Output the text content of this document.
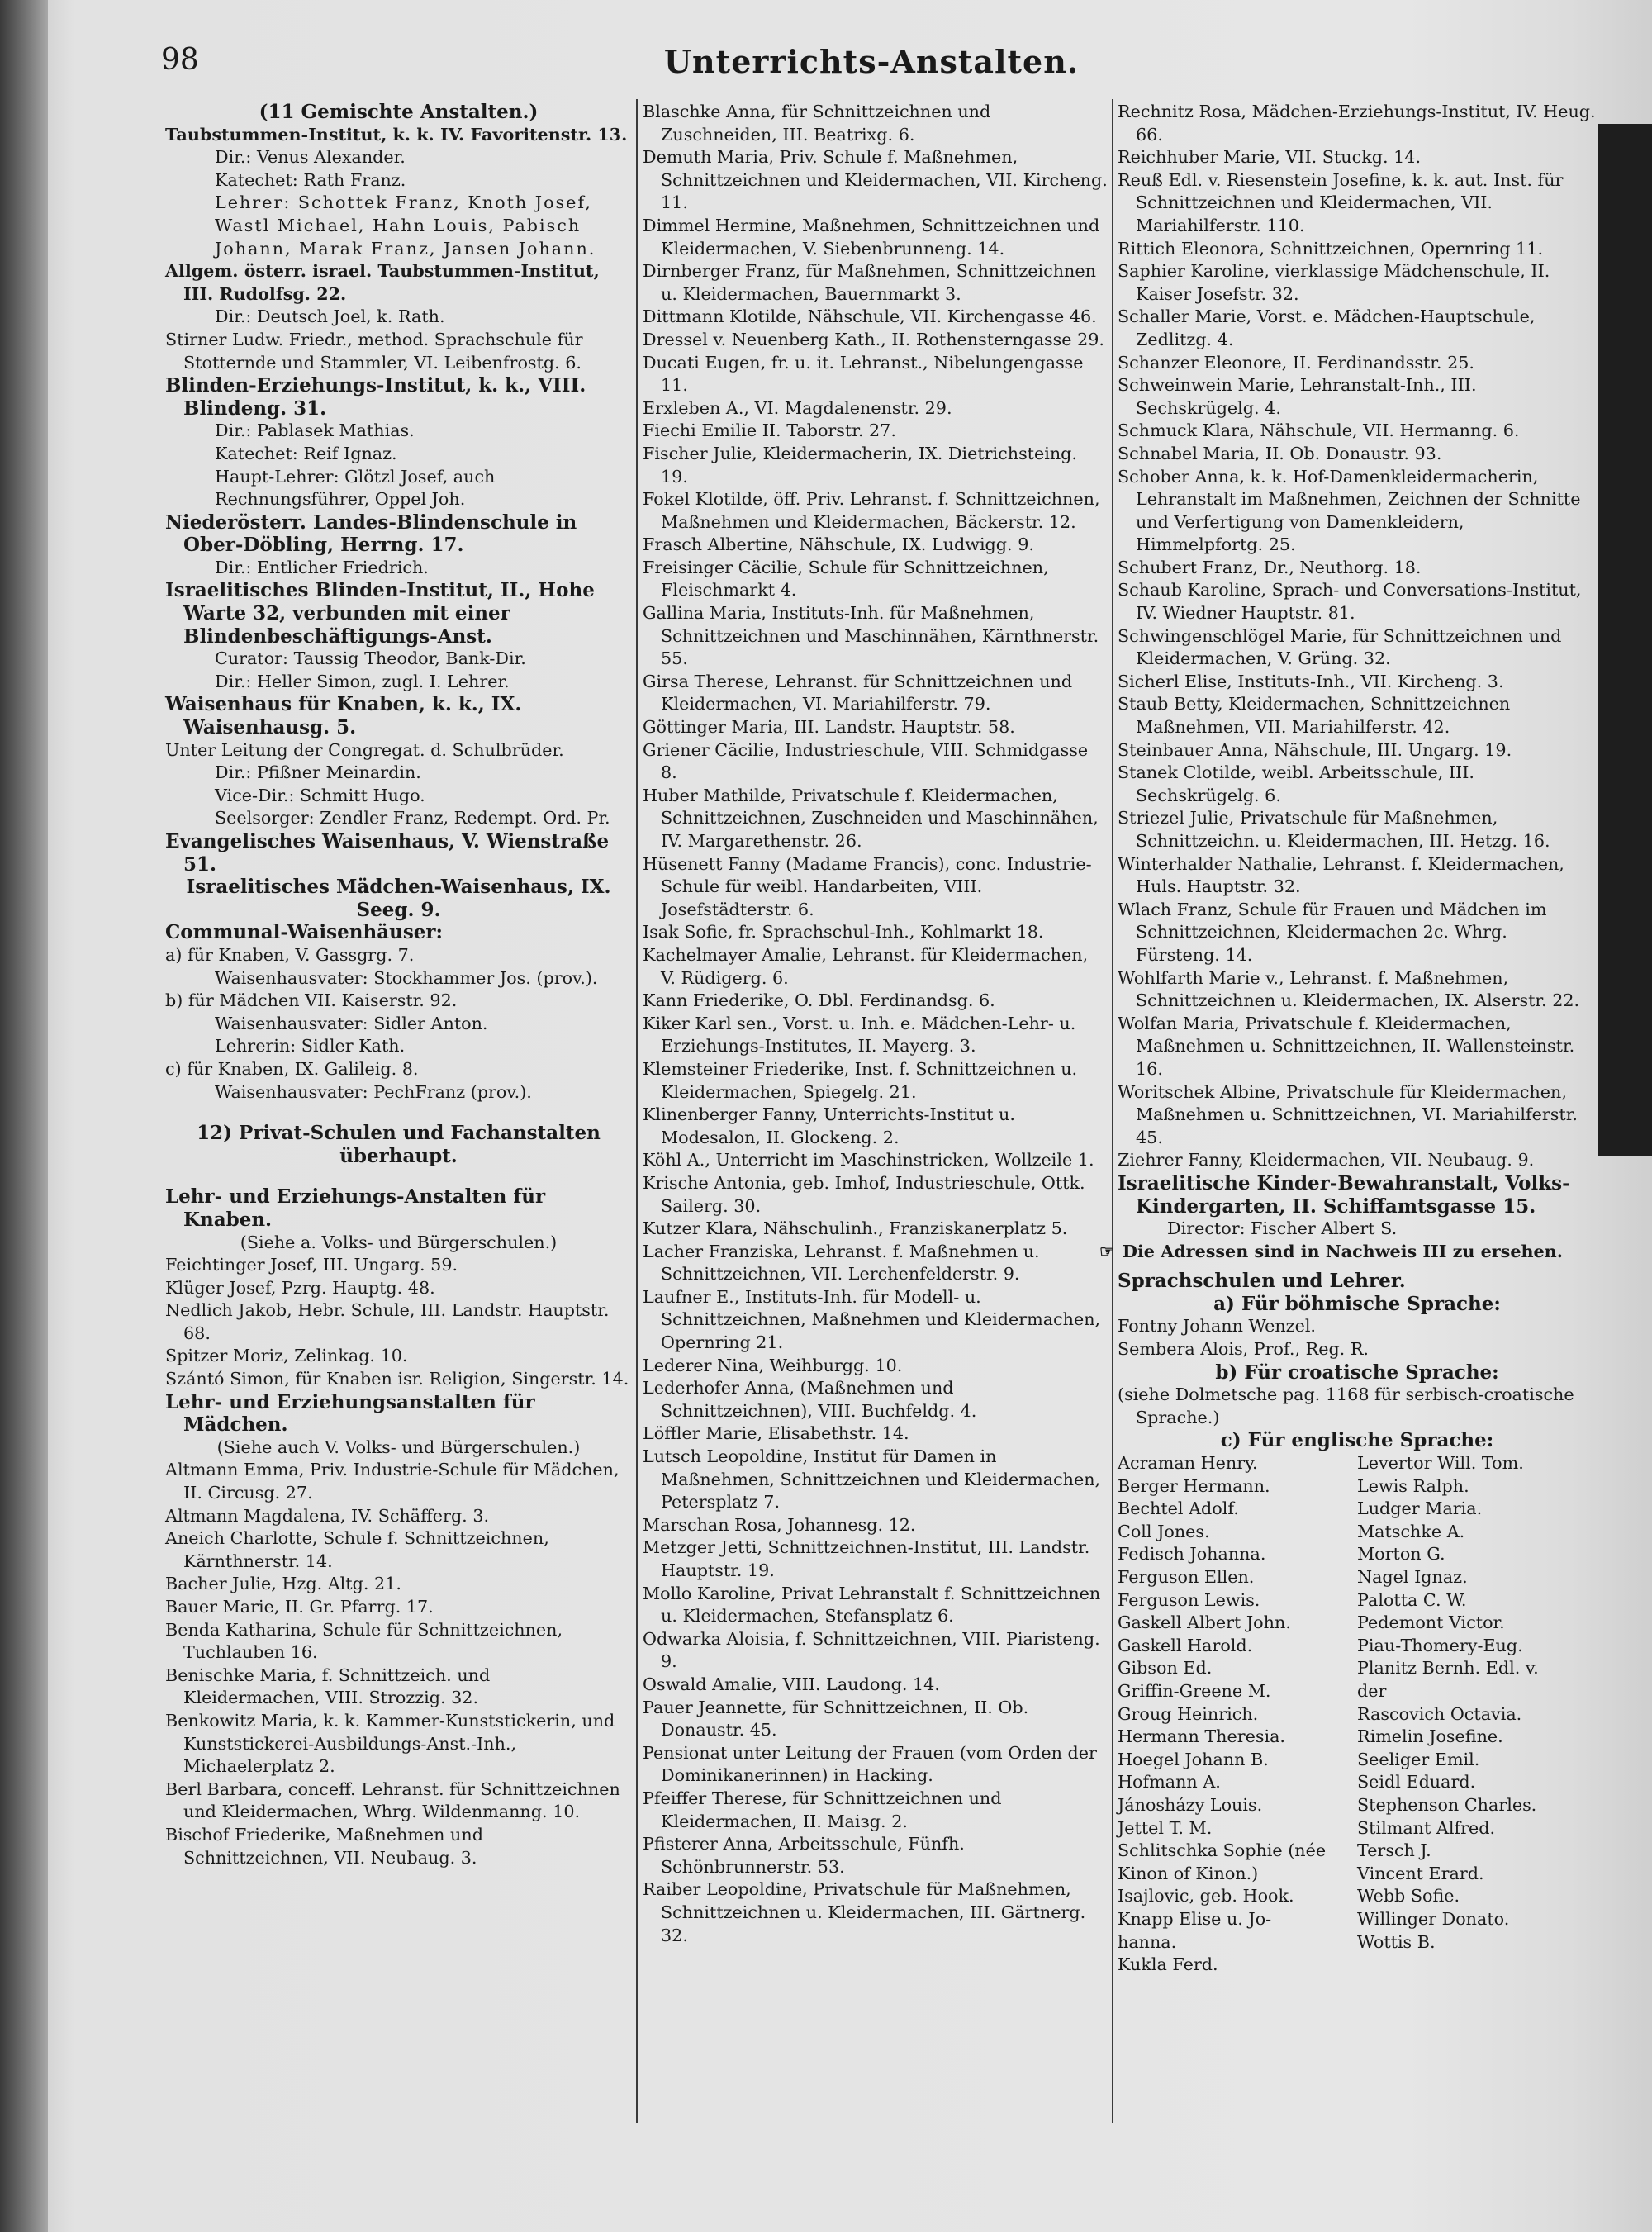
98	Unterrichts-Anstalten.

(11 Gemischte Anstalten.)

Taubstummen-Institut, k. k. IV. Favoritenstr. 13.

Dir.: Venus Alexander.

Katechet: Rath Franz.

Lehrer: Schottek Franz, Knoth Josef, Wastl Michael, Hahn Louis, Pabisch Johann, Marak Franz, Jansen Johann.

Allgem. österr. israel. Taubstummen-Institut, III. Rudolfsg. 22.

Dir.: Deutsch Joel, k. Rath.

Stirner Ludw. Friedr., method. Sprachschule für Stotternde und Stammler, VI. Leibenfrostg. 6.

Blinden-Erziehungs-Institut, k. k., VIII. Blindeng. 31.

Dir.: Pablasek Mathias.

Katechet: Reif Ignaz.

Haupt-Lehrer: Glötzl Josef, auch Rechnungsführer, Oppel Joh.

Niederösterr. Landes-Blindenschule in Ober-Döbling, Herrng. 17.

Dir.: Entlicher Friedrich.

Israelitisches Blinden-Institut, II., Hohe Warte 32, verbunden mit einer Blindenbeschäftigungs-Anst.

Curator: Taussig Theodor, Bank-Dir.

Dir.: Heller Simon, zugl. I. Lehrer.

Waisenhaus für Knaben, k. k., IX. Waisenhausg. 5.

Unter Leitung der Congregat. d. Schulbrüder.

Dir.: Pfißner Meinardin.

Vice-Dir.: Schmitt Hugo.

Seelsorger: Zendler Franz, Redempt. Ord. Pr.

Evangelisches Waisenhaus, V. Wienstraße 51.

Israelitisches Mädchen-Waisenhaus, IX. Seeg. 9.

Communal-Waisenhäuser:

a) für Knaben, V. Gassgrg. 7.

Waisenhausvater: Stockhammer Jos. (prov.).

b) für Mädchen VII. Kaiserstr. 92.

Waisenhausvater: Sidler Anton.

Lehrerin: Sidler Kath.

c) für Knaben, IX. Galileig. 8.

Waisenhausvater: PechFranz (prov.).

12) Privat-Schulen und Fachanstalten überhaupt.

Lehr- und Erziehungs-Anstalten für Knaben.

(Siehe a. Volks- und Bürgerschulen.)

Feichtinger Josef, III. Ungarg. 59.

Klüger Josef, Pzrg. Hauptg. 48.

Nedlich Jakob, Hebr. Schule, III. Landstr. Hauptstr. 68.

Spitzer Moriz, Zelinkag. 10.

Szántó Simon, für Knaben isr. Religion, Singerstr. 14.

Lehr- und Erziehungsanstalten für Mädchen.

(Siehe auch V. Volks- und Bürgerschulen.)

Altmann Emma, Priv. Industrie-Schule für Mädchen, II. Circusg. 27.

Altmann Magdalena, IV. Schäfferg. 3.

Aneich Charlotte, Schule f. Schnittzeichnen, Kärnthnerstr. 14.

Bacher Julie, Hzg. Altg. 21.

Bauer Marie, II. Gr. Pfarrg. 17.

Benda Katharina, Schule für Schnittzeichnen, Tuchlauben 16.

Benischke Maria, f. Schnittzeich. und Kleidermachen, VIII. Strozzig. 32.

Benkowitz Maria, k. k. Kammer-Kunststickerin, und Kunststickerei-Ausbildungs-Anst.-Inh., Michaelerplatz 2.

Berl Barbara, conceff. Lehranst. für Schnittzeichnen und Kleidermachen, Whrg. Wildenmanng. 10.

Bischof Friederike, Maßnehmen und Schnittzeichnen, VII. Neubaug. 3.

Blaschke Anna, für Schnittzeichnen und Zuschneiden, III. Beatrixg. 6.

Demuth Maria, Priv. Schule f. Maßnehmen, Schnittzeichnen und Kleidermachen, VII. Kircheng. 11.

Dimmel Hermine, Maßnehmen, Schnittzeichnen und Kleidermachen, V. Siebenbrunneng. 14.

Dirnberger Franz, für Maßnehmen, Schnittzeichnen u. Kleidermachen, Bauernmarkt 3.

Dittmann Klotilde, Nähschule, VII. Kirchengasse 46.

Dressel v. Neuenberg Kath., II. Rothensterngasse 29.

Ducati Eugen, fr. u. it. Lehranst., Nibelungengasse 11.

Erxleben A., VI. Magdalenenstr. 29.

Fiechi Emilie II. Taborstr. 27.

Fischer Julie, Kleidermacherin, IX. Dietrichsteing. 19.

Fokel Klotilde, öff. Priv. Lehranst. f. Schnittzeichnen, Maßnehmen und Kleidermachen, Bäckerstr. 12.

Frasch Albertine, Nähschule, IX. Ludwigg. 9.

Freisinger Cäcilie, Schule für Schnittzeichnen, Fleischmarkt 4.

Gallina Maria, Instituts-Inh. für Maßnehmen, Schnittzeichnen und Maschinnähen, Kärnthnerstr. 55.

Girsa Therese, Lehranst. für Schnittzeichnen und Kleidermachen, VI. Mariahilferstr. 79.

Göttinger Maria, III. Landstr. Hauptstr. 58.

Griener Cäcilie, Industrieschule, VIII. Schmidgasse 8.

Huber Mathilde, Privatschule f. Kleidermachen, Schnittzeichnen, Zuschneiden und Maschinnähen, IV. Margarethenstr. 26.

Hüsenett Fanny (Madame Francis), conc. Industrie-Schule für weibl. Handarbeiten, VIII. Josefstädterstr. 6.

Isak Sofie, fr. Sprachschul-Inh., Kohlmarkt 18.

Kachelmayer Amalie, Lehranst. für Kleidermachen, V. Rüdigerg. 6.

Kann Friederike, O. Dbl. Ferdinandsg. 6.

Kiker Karl sen., Vorst. u. Inh. e. Mädchen-Lehr- u. Erziehungs-Institutes, II. Mayerg. 3.

Klemsteiner Friederike, Inst. f. Schnittzeichnen u. Kleidermachen, Spiegelg. 21.

Klinenberger Fanny, Unterrichts-Institut u. Modesalon, II. Glockeng. 2.

Köhl A., Unterricht im Maschinstricken, Wollzeile 1.

Krische Antonia, geb. Imhof, Industrieschule, Ottk. Sailerg. 30.

Kutzer Klara, Nähschulinh., Franziskanerplatz 5.

Lacher Franziska, Lehranst. f. Maßnehmen u. Schnittzeichnen, VII. Lerchenfelderstr. 9.

Laufner E., Instituts-Inh. für Modell- u. Schnittzeichnen, Maßnehmen und Kleidermachen, Opernring 21.

Lederer Nina, Weihburgg. 10.

Lederhofer Anna, (Maßnehmen und Schnittzeichnen), VIII. Buchfeldg. 4.

Löffler Marie, Elisabethstr. 14.

Lutsch Leopoldine, Institut für Damen in Maßnehmen, Schnittzeichnen und Kleidermachen, Petersplatz 7.

Marschan Rosa, Johannesg. 12.

Metzger Jetti, Schnittzeichnen-Institut, III. Landstr. Hauptstr. 19.

Mollo Karoline, Privat Lehranstalt f. Schnittzeichnen u. Kleidermachen, Stefansplatz 6.

Odwarka Aloisia, f. Schnittzeichnen, VIII. Piaristeng. 9.

Oswald Amalie, VIII. Laudong. 14.

Pauer Jeannette, für Schnittzeichnen, II. Ob. Donaustr. 45.

Pensionat unter Leitung der Frauen (vom Orden der Dominikanerinnen) in Hacking.

Pfeiffer Therese, für Schnittzeichnen und Kleidermachen, II. Maiзg. 2.

Pfisterer Anna, Arbeitsschule, Fünfh. Schönbrunnerstr. 53.

Raiber Leopoldine, Privatschule für Maßnehmen, Schnittzeichnen u. Kleidermachen, III. Gärtnerg. 32.

Rechnitz Rosa, Mädchen-Erziehungs-Institut, IV. Heug. 66.

Reichhuber Marie, VII. Stuckg. 14.

Reuß Edl. v. Riesenstein Josefine, k. k. aut. Inst. für Schnittzeichnen und Kleidermachen, VII. Mariahilferstr. 110.

Rittich Eleonora, Schnittzeichnen, Opernring 11.

Saphier Karoline, vierklassige Mädchenschule, II. Kaiser Josefstr. 32.

Schaller Marie, Vorst. e. Mädchen-Hauptschule, Zedlitzg. 4.

Schanzer Eleonore, II. Ferdinandsstr. 25.

Schweinwein Marie, Lehranstalt-Inh., III. Sechskrügelg. 4.

Schmuck Klara, Nähschule, VII. Hermanng. 6.

Schnabel Maria, II. Ob. Donaustr. 93.

Schober Anna, k. k. Hof-Damenkleidermacherin, Lehranstalt im Maßnehmen, Zeichnen der Schnitte und Verfertigung von Damenkleidern, Himmelpfortg. 25.

Schubert Franz, Dr., Neuthorg. 18.

Schaub Karoline, Sprach- und Conversations-Institut, IV. Wiedner Hauptstr. 81.

Schwingenschlögel Marie, für Schnittzeichnen und Kleidermachen, V. Grüng. 32.

Sicherl Elise, Instituts-Inh., VII. Kircheng. 3.

Staub Betty, Kleidermachen, Schnittzeichnen Maßnehmen, VII. Mariahilferstr. 42.

Steinbauer Anna, Nähschule, III. Ungarg. 19.

Stanek Clotilde, weibl. Arbeitsschule, III. Sechskrügelg. 6.

Striezel Julie, Privatschule für Maßnehmen, Schnittzeichn. u. Kleidermachen, III. Hetzg. 16.

Winterhalder Nathalie, Lehranst. f. Kleidermachen, Huls. Hauptstr. 32.

Wlach Franz, Schule für Frauen und Mädchen im Schnittzeichnen, Kleidermachen 2c. Whrg. Fürsteng. 14.

Wohlfarth Marie v., Lehranst. f. Maßnehmen, Schnittzeichnen u. Kleidermachen, IX. Alserstr. 22.

Wolfan Maria, Privatschule f. Kleidermachen, Maßnehmen u. Schnittzeichnen, II. Wallensteinstr. 16.

Woritschek Albine, Privatschule für Kleidermachen, Maßnehmen u. Schnittzeichnen, VI. Mariahilferstr. 45.

Ziehrer Fanny, Kleidermachen, VII. Neubaug. 9.

Israelitische Kinder-Bewahranstalt, Volks-Kindergarten, II. Schiffamtsgasse 15.

Director: Fischer Albert S.

Die Adressen sind in Nachweis III zu ersehen.

Sprachschulen und Lehrer.

a) Für böhmische Sprache:

Fontny Johann Wenzel.

Sembera Alois, Prof., Reg. R.

b) Für croatische Sprache:

(siehe Dolmetsche pag. 1168 für serbisch-croatische Sprache.)

c) Für englische Sprache:

Acraman Henry.	Levertor Will. Tom.

Berger Hermann.	Lewis Ralph.

Bechtel Adolf.	Ludger Maria.

Coll Jones.	Matschke A.

Fedisch Johanna.	Morton G.

Ferguson Ellen.	Nagel Ignaz.

Ferguson Lewis.	Palotta C. W.

Gaskell Albert John.	Pedemont Victor.

Gaskell Harold.	Piau-Thomery-Eug.

Gibson Ed.	Planitz Bernh. Edl. v.

Griffin-Greene M.	der

Groug Heinrich.	Rascovich Octavia.

Hermann Theresia.	Rimelin Josefine.

Hoegel Johann B.	Seeliger Emil.

Hofmann A.	Seidl Eduard.

Jánosházy Louis.	Stephenson Charles.

Jettel T. M.	Stilmant Alfred.

Schlitschka Sophie (née	Tersch J.

Kinon of Kinon.)	Vincent Erard.

Isajlovic, geb. Hook.	Webb Sofie.

Knapp Elise u. Jo-	Willinger Donato.

hanna.	Wottis B.

Kukla Ferd.
